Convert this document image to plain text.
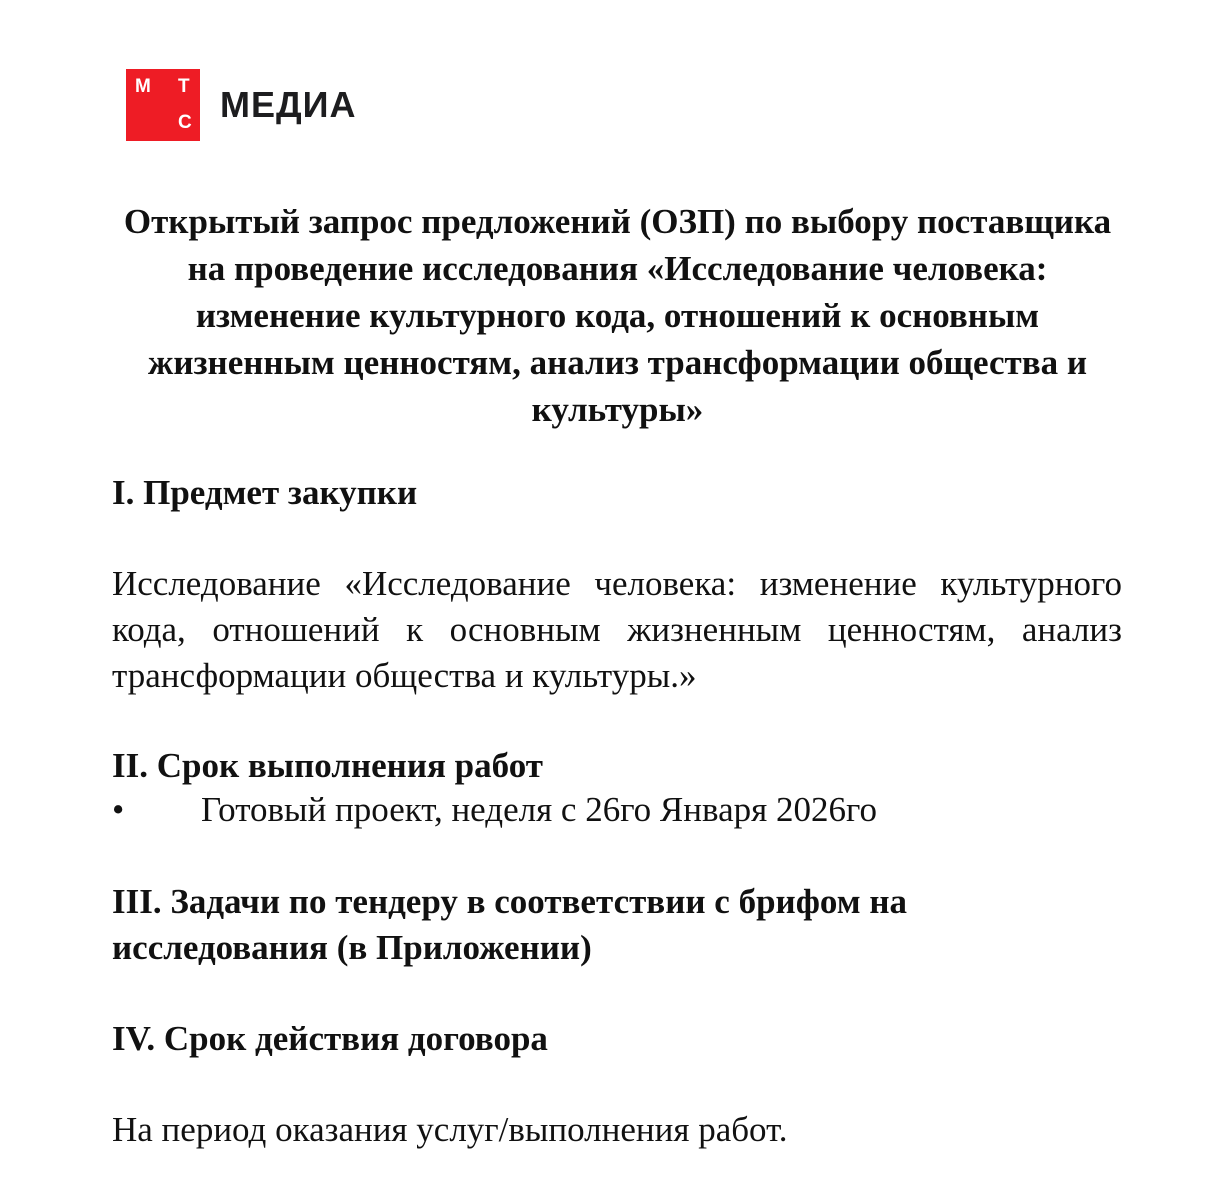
М Т
С МЕДИА
Открытый запрос предложений (ОЗП) по выбору поставщика на проведение исследования «Исследование человека: изменение культурного кода, отношений к основным жизненным ценностям, анализ трансформации общества и культуры»
I. Предмет закупки

Исследование «Исследование человека: изменение культурного кода, отношений к основным жизненным ценностям, анализ трансформации общества и культуры.»

II. Срок выполнения работ
•	Готовый проект, неделя с 26го Января 2026го
III. Задачи по тендеру в соответствии с брифом на исследования (в Приложении)
IV. Срок действия договора

На период оказания услуг/выполнения работ.
